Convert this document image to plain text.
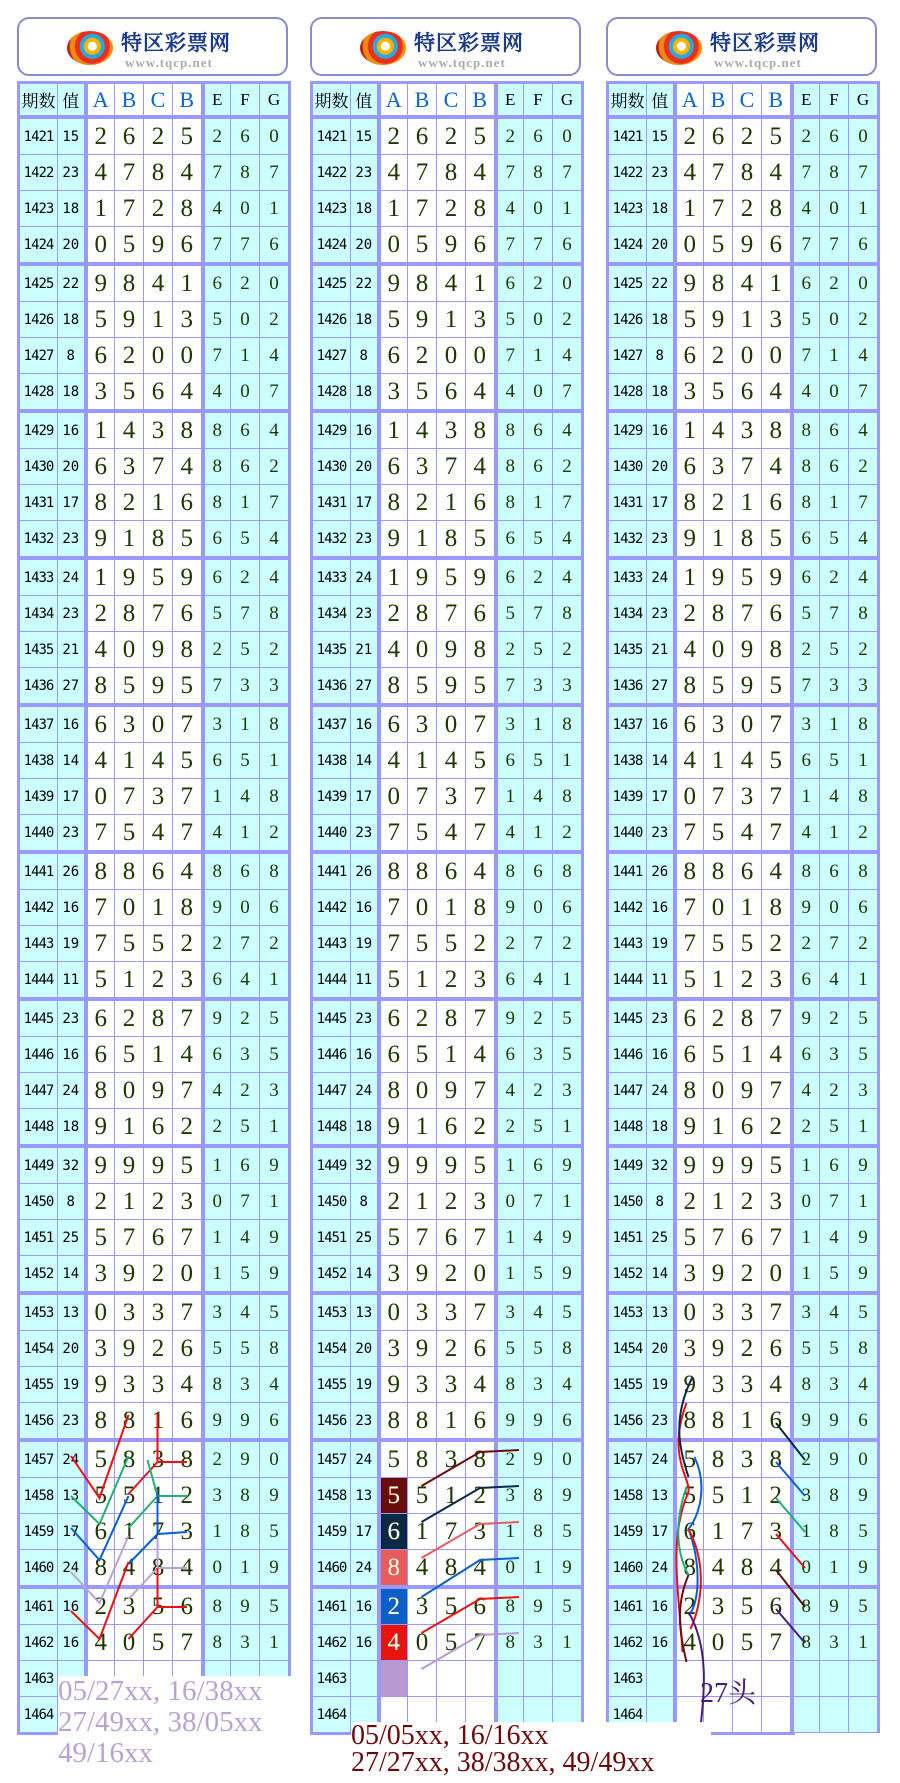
特区彩票网
www.tqcp.net
期数	值	A	B	C	B	E	F	G
1421	15	2	6	2	5	2	6	0
1422	23	4	7	8	4	7	8	7
1423	18	1	7	2	8	4	0	1
1424	20	0	5	9	6	7	7	6
1425	22	9	8	4	1	6	2	0
1426	18	5	9	1	3	5	0	2
1427	8	6	2	0	0	7	1	4
1428	18	3	5	6	4	4	0	7
1429	16	1	4	3	8	8	6	4
1430	20	6	3	7	4	8	6	2
1431	17	8	2	1	6	8	1	7
1432	23	9	1	8	5	6	5	4
1433	24	1	9	5	9	6	2	4
1434	23	2	8	7	6	5	7	8
1435	21	4	0	9	8	2	5	2
1436	27	8	5	9	5	7	3	3
1437	16	6	3	0	7	3	1	8
1438	14	4	1	4	5	6	5	1
1439	17	0	7	3	7	1	4	8
1440	23	7	5	4	7	4	1	2
1441	26	8	8	6	4	8	6	8
1442	16	7	0	1	8	9	0	6
1443	19	7	5	5	2	2	7	2
1444	11	5	1	2	3	6	4	1
1445	23	6	2	8	7	9	2	5
1446	16	6	5	1	4	6	3	5
1447	24	8	0	9	7	4	2	3
1448	18	9	1	6	2	2	5	1
1449	32	9	9	9	5	1	6	9
1450	8	2	1	2	3	0	7	1
1451	25	5	7	6	7	1	4	9
1452	14	3	9	2	0	1	5	9
1453	13	0	3	3	7	3	4	5
1454	20	3	9	2	6	5	5	8
1455	19	9	3	3	4	8	3	4
1456	23	8	8	1	6	9	9	6
1457	24	5	8	3	8	2	9	0
1458	13	5	5	1	2	3	8	9
1459	17	6	1	7	3	1	8	5
1460	24	8	4	8	4	0	1	9
1461	16	2	3	5	6	8	9	5
1462	16	4	0	5	7	8	3	1
1463								
1464								
特区彩票网
www.tqcp.net
期数	值	A	B	C	B	E	F	G
1421	15	2	6	2	5	2	6	0
1422	23	4	7	8	4	7	8	7
1423	18	1	7	2	8	4	0	1
1424	20	0	5	9	6	7	7	6
1425	22	9	8	4	1	6	2	0
1426	18	5	9	1	3	5	0	2
1427	8	6	2	0	0	7	1	4
1428	18	3	5	6	4	4	0	7
1429	16	1	4	3	8	8	6	4
1430	20	6	3	7	4	8	6	2
1431	17	8	2	1	6	8	1	7
1432	23	9	1	8	5	6	5	4
1433	24	1	9	5	9	6	2	4
1434	23	2	8	7	6	5	7	8
1435	21	4	0	9	8	2	5	2
1436	27	8	5	9	5	7	3	3
1437	16	6	3	0	7	3	1	8
1438	14	4	1	4	5	6	5	1
1439	17	0	7	3	7	1	4	8
1440	23	7	5	4	7	4	1	2
1441	26	8	8	6	4	8	6	8
1442	16	7	0	1	8	9	0	6
1443	19	7	5	5	2	2	7	2
1444	11	5	1	2	3	6	4	1
1445	23	6	2	8	7	9	2	5
1446	16	6	5	1	4	6	3	5
1447	24	8	0	9	7	4	2	3
1448	18	9	1	6	2	2	5	1
1449	32	9	9	9	5	1	6	9
1450	8	2	1	2	3	0	7	1
1451	25	5	7	6	7	1	4	9
1452	14	3	9	2	0	1	5	9
1453	13	0	3	3	7	3	4	5
1454	20	3	9	2	6	5	5	8
1455	19	9	3	3	4	8	3	4
1456	23	8	8	1	6	9	9	6
1457	24	5	8	3	8	2	9	0
1458	13	5	5	1	2	3	8	9
1459	17	6	1	7	3	1	8	5
1460	24	8	4	8	4	0	1	9
1461	16	2	3	5	6	8	9	5
1462	16	4	0	5	7	8	3	1
1463								
1464								
特区彩票网
www.tqcp.net
期数	值	A	B	C	B	E	F	G
1421	15	2	6	2	5	2	6	0
1422	23	4	7	8	4	7	8	7
1423	18	1	7	2	8	4	0	1
1424	20	0	5	9	6	7	7	6
1425	22	9	8	4	1	6	2	0
1426	18	5	9	1	3	5	0	2
1427	8	6	2	0	0	7	1	4
1428	18	3	5	6	4	4	0	7
1429	16	1	4	3	8	8	6	4
1430	20	6	3	7	4	8	6	2
1431	17	8	2	1	6	8	1	7
1432	23	9	1	8	5	6	5	4
1433	24	1	9	5	9	6	2	4
1434	23	2	8	7	6	5	7	8
1435	21	4	0	9	8	2	5	2
1436	27	8	5	9	5	7	3	3
1437	16	6	3	0	7	3	1	8
1438	14	4	1	4	5	6	5	1
1439	17	0	7	3	7	1	4	8
1440	23	7	5	4	7	4	1	2
1441	26	8	8	6	4	8	6	8
1442	16	7	0	1	8	9	0	6
1443	19	7	5	5	2	2	7	2
1444	11	5	1	2	3	6	4	1
1445	23	6	2	8	7	9	2	5
1446	16	6	5	1	4	6	3	5
1447	24	8	0	9	7	4	2	3
1448	18	9	1	6	2	2	5	1
1449	32	9	9	9	5	1	6	9
1450	8	2	1	2	3	0	7	1
1451	25	5	7	6	7	1	4	9
1452	14	3	9	2	0	1	5	9
1453	13	0	3	3	7	3	4	5
1454	20	3	9	2	6	5	5	8
1455	19	9	3	3	4	8	3	4
1456	23	8	8	1	6	9	9	6
1457	24	5	8	3	8	2	9	0
1458	13	5	5	1	2	3	8	9
1459	17	6	1	7	3	1	8	5
1460	24	8	4	8	4	0	1	9
1461	16	2	3	5	6	8	9	5
1462	16	4	0	5	7	8	3	1
1463								
1464								
05/27xx, 16/38xx
27/49xx, 38/05xx
49/16xx
05/05xx, 16/16xx
27/27xx, 38/38xx, 49/49xx
27头
